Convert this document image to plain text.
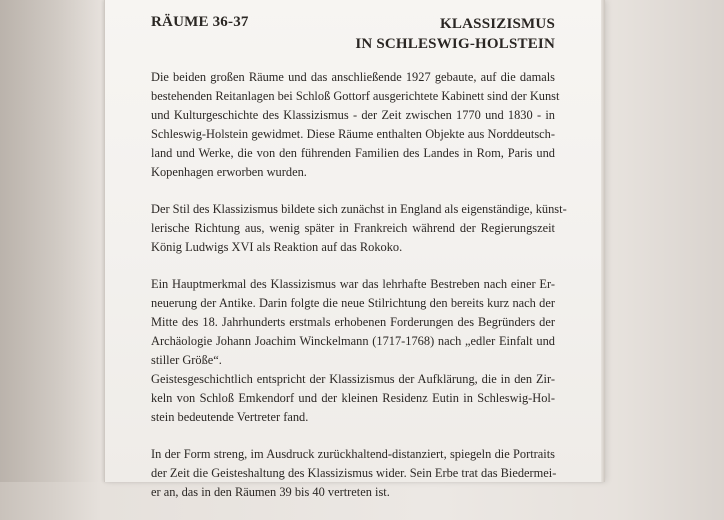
RÄUME 36-37	KLASSIZISMUS
IN SCHLESWIG-HOLSTEIN
Die beiden großen Räume und das anschließende 1927 gebaute, auf die damals
bestehenden Reitanlagen bei Schloß Gottorf ausgerichtete Kabinett sind der Kunst
und Kulturgeschichte des Klassizismus - der Zeit zwischen 1770 und 1830 - in
Schleswig-Holstein gewidmet. Diese Räume enthalten Objekte aus Norddeutsch-
land und Werke, die von den führenden Familien des Landes in Rom, Paris und
Kopenhagen erworben wurden.
Der Stil des Klassizismus bildete sich zunächst in England als eigenständige, künst-
lerische Richtung aus, wenig später in Frankreich während der Regierungszeit
König Ludwigs XVI als Reaktion auf das Rokoko.
Ein Hauptmerkmal des Klassizismus war das lehrhafte Bestreben nach einer Er-
neuerung der Antike. Darin folgte die neue Stilrichtung den bereits kurz nach der
Mitte des 18. Jahrhunderts erstmals erhobenen Forderungen des Begründers der
Archäologie Johann Joachim Winckelmann (1717-1768) nach „edler Einfalt und
stiller Größe“.
Geistesgeschichtlich entspricht der Klassizismus der Aufklärung, die in den Zir-
keln von Schloß Emkendorf und der kleinen Residenz Eutin in Schleswig-Hol-
stein bedeutende Vertreter fand.
In der Form streng, im Ausdruck zurückhaltend-distanziert, spiegeln die Portraits
der Zeit die Geisteshaltung des Klassizismus wider. Sein Erbe trat das Biedermei-
er an, das in den Räumen 39 bis 40 vertreten ist.
